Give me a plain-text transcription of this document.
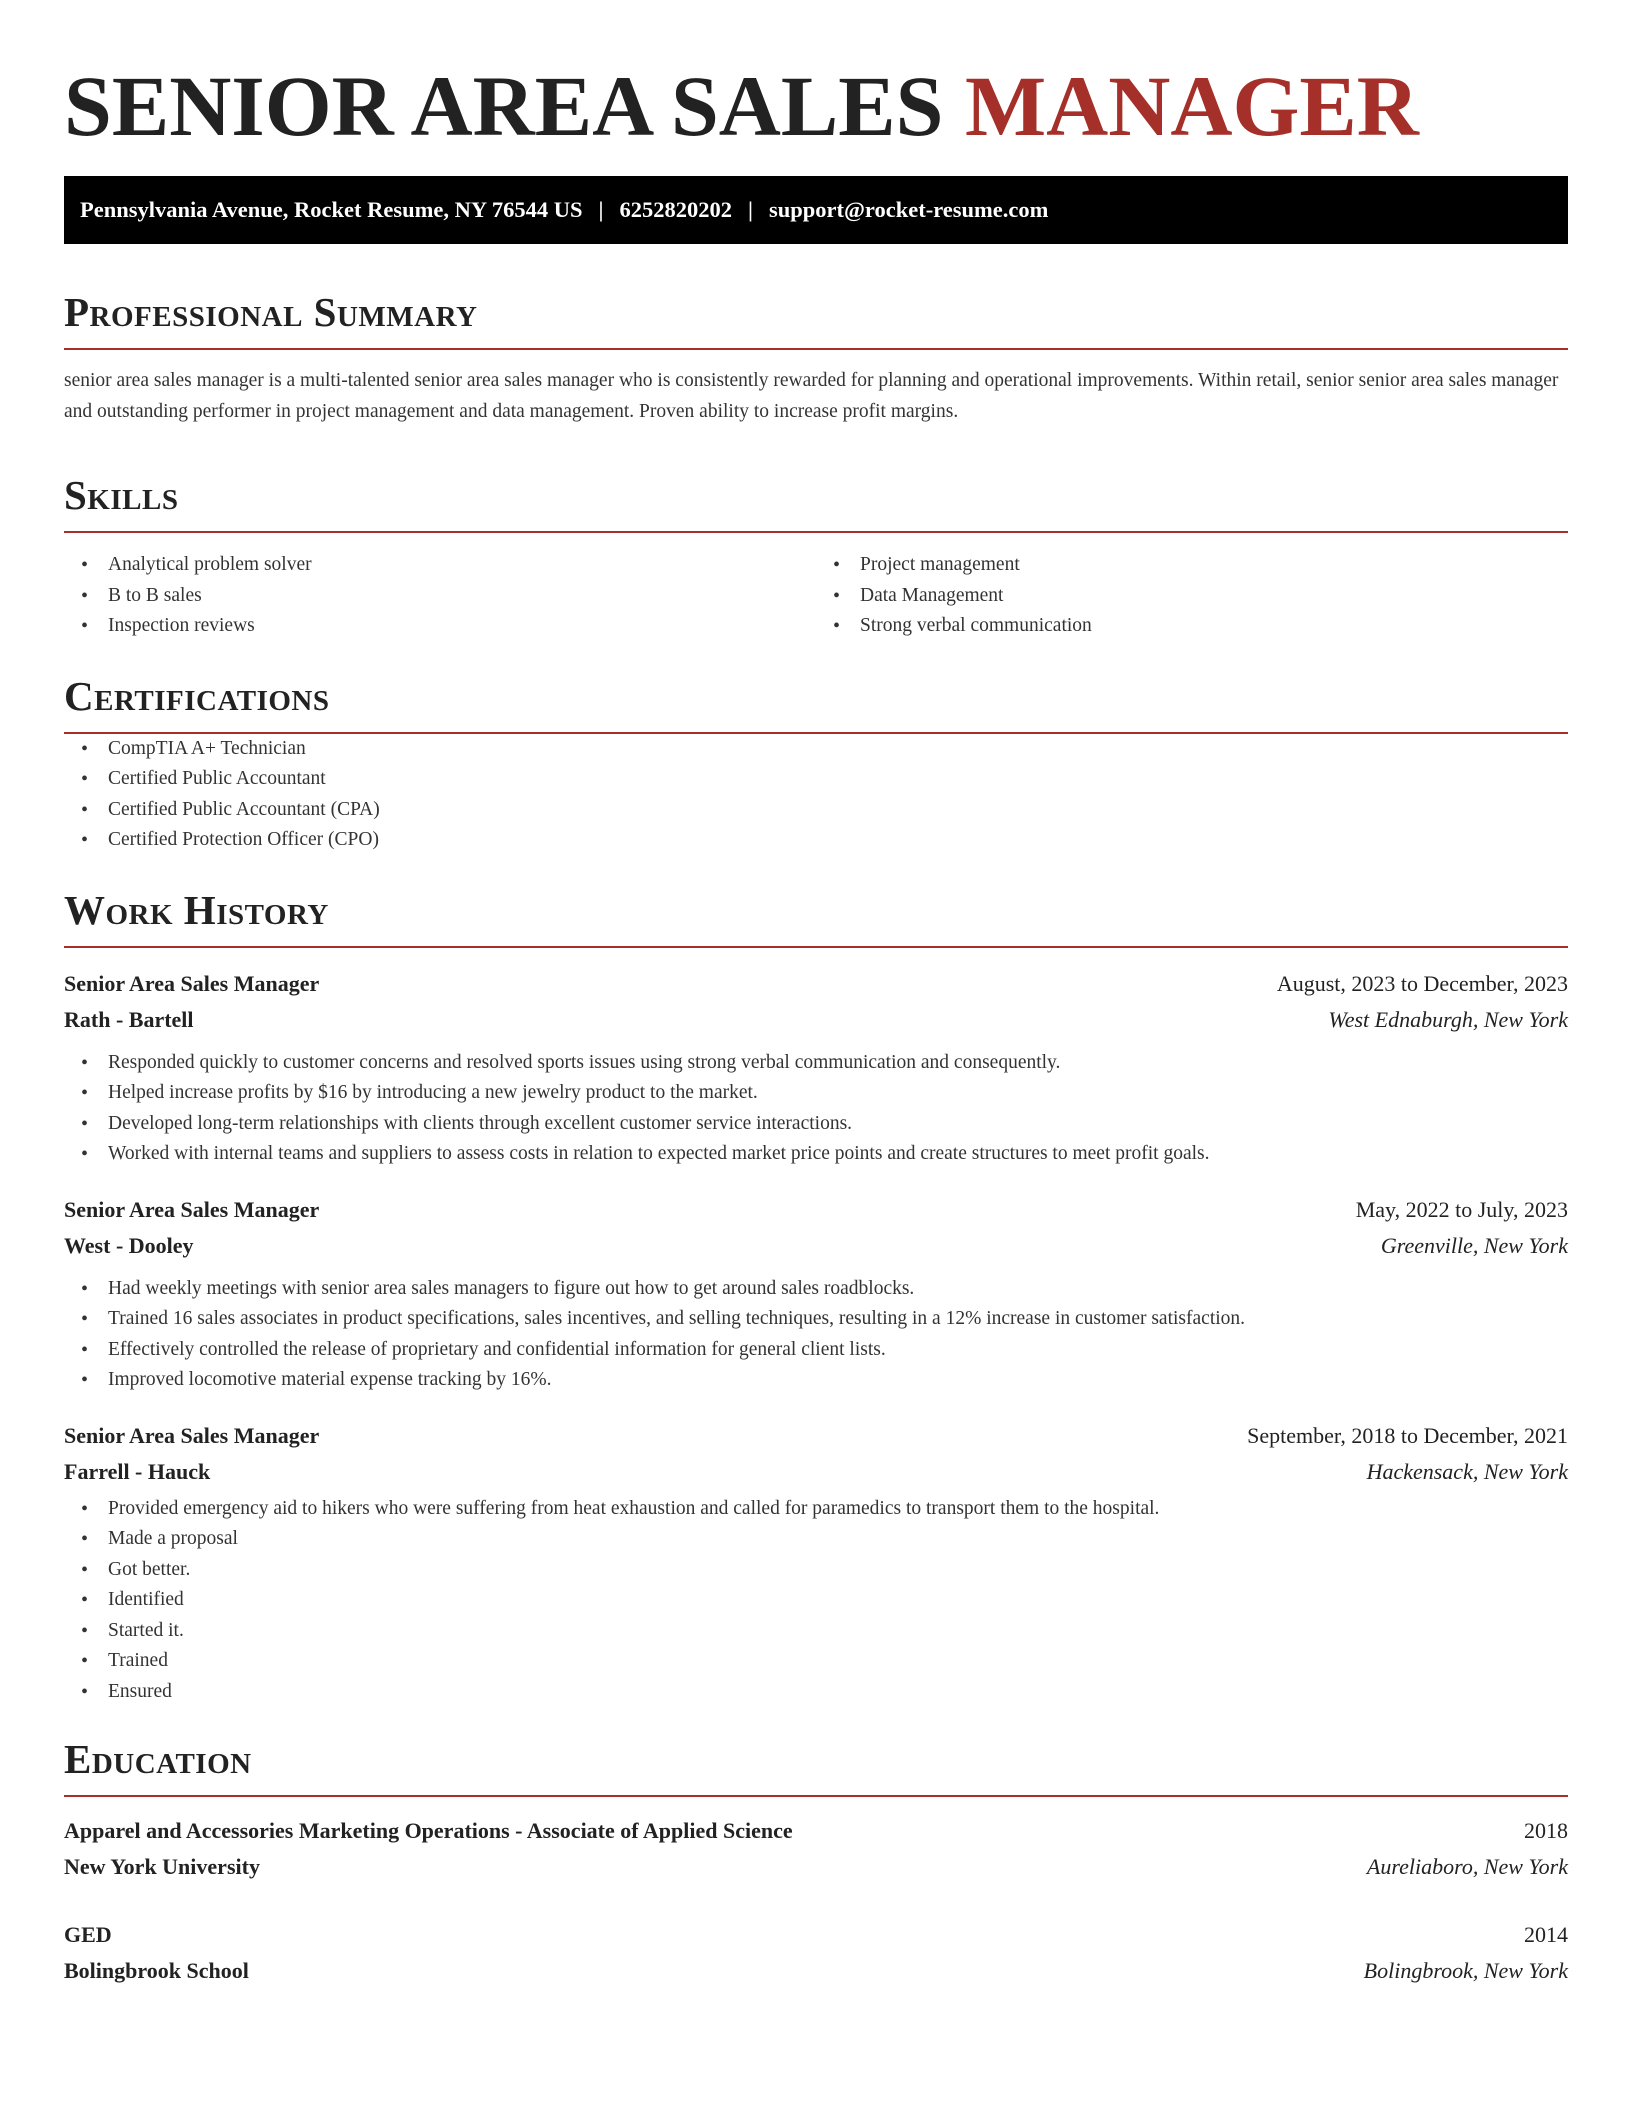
SENIOR AREA SALES MANAGER
Pennsylvania Avenue, Rocket Resume, NY 76544 US | 6252820202 | support@rocket-resume.com
Professional Summary

senior area sales manager is a multi-talented senior area sales manager who is consistently rewarded for planning and operational improvements. Within retail, senior senior area sales manager and outstanding performer in project management and data management. Proven ability to increase profit margins.

Skills
• Analytical problem solver
• B to B sales
• Inspection reviews
• Project management
• Data Management
• Strong verbal communication
Certifications
• CompTIA A+ Technician
• Certified Public Accountant
• Certified Public Accountant (CPA)
• Certified Protection Officer (CPO)
Work History
Senior Area Sales Manager	August, 2023 to December, 2023
Rath - Bartell	West Ednaburgh, New York
• Responded quickly to customer concerns and resolved sports issues using strong verbal communication and consequently.
• Helped increase profits by $16 by introducing a new jewelry product to the market.
• Developed long-term relationships with clients through excellent customer service interactions.
• Worked with internal teams and suppliers to assess costs in relation to expected market price points and create structures to meet profit goals.
Senior Area Sales Manager	May, 2022 to July, 2023
West - Dooley	Greenville, New York
• Had weekly meetings with senior area sales managers to figure out how to get around sales roadblocks.
• Trained 16 sales associates in product specifications, sales incentives, and selling techniques, resulting in a 12% increase in customer satisfaction.
• Effectively controlled the release of proprietary and confidential information for general client lists.
• Improved locomotive material expense tracking by 16%.
Senior Area Sales Manager	September, 2018 to December, 2021
Farrell - Hauck	Hackensack, New York
• Provided emergency aid to hikers who were suffering from heat exhaustion and called for paramedics to transport them to the hospital.
• Made a proposal
• Got better.
• Identified
• Started it.
• Trained
• Ensured
Education
Apparel and Accessories Marketing Operations - Associate of Applied Science	2018
New York University	Aureliaboro, New York
GED	2014
Bolingbrook School	Bolingbrook, New York
